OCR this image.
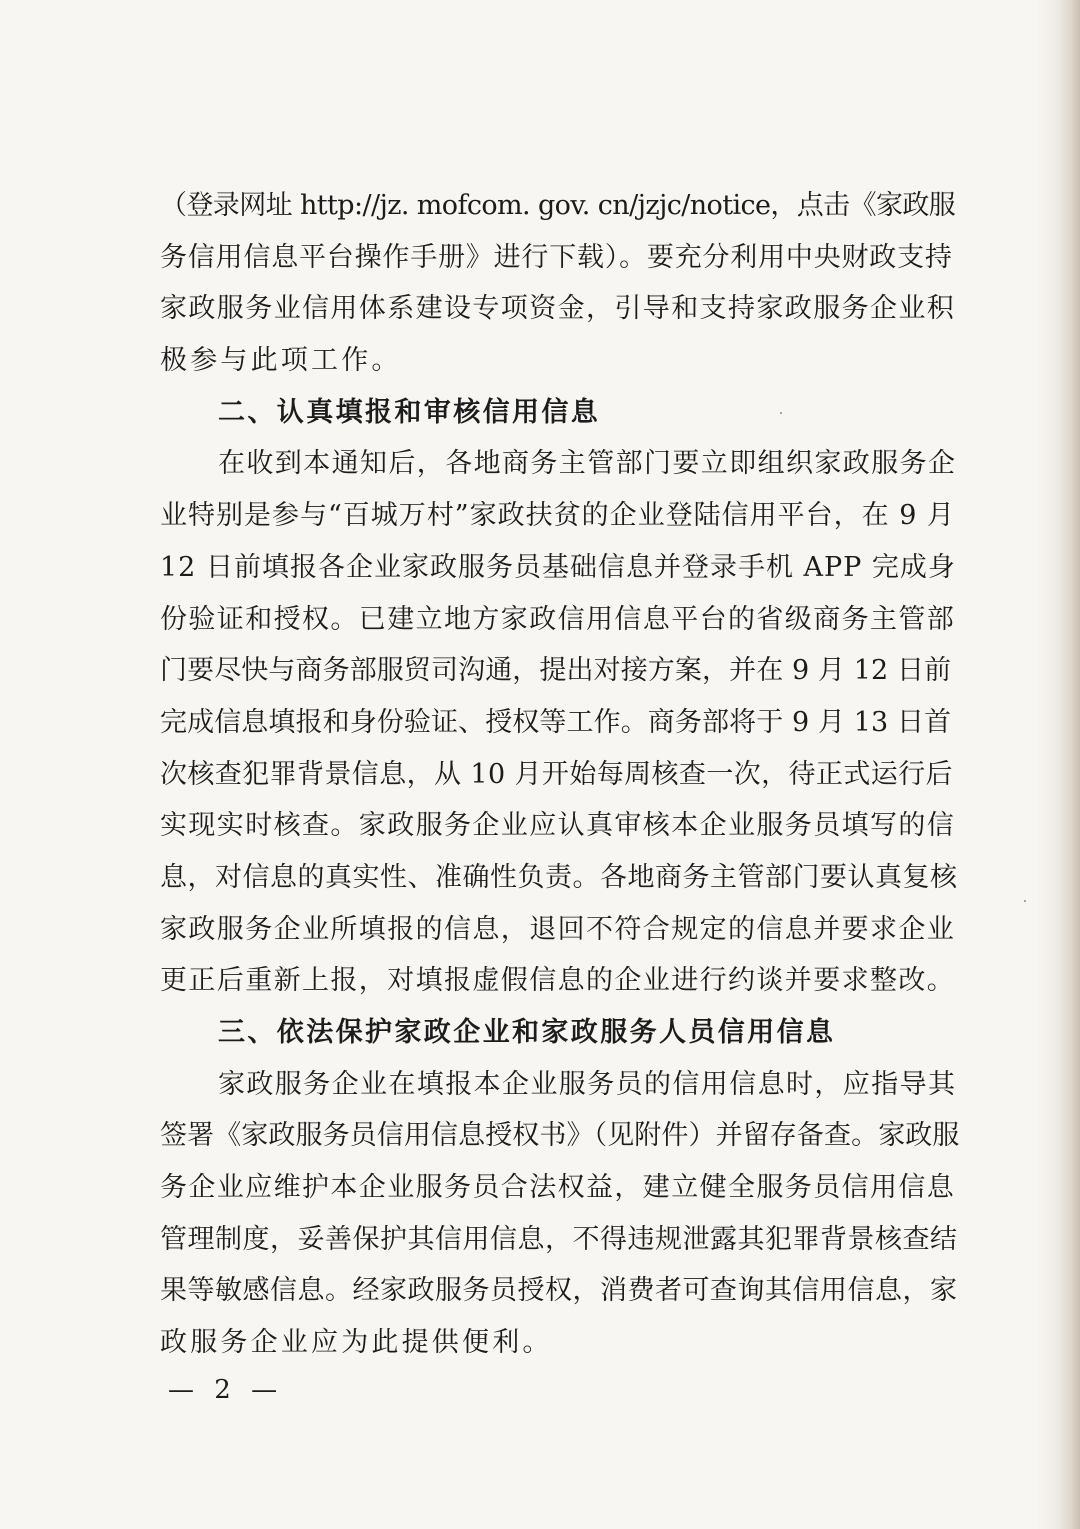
（登录网址 http://jz. mofcom. gov. cn/jzjc/notice，点击《家政服
务信用信息平台操作手册》进行下载）。要充分利用中央财政支持
家政服务业信用体系建设专项资金，引导和支持家政服务企业积
极参与此项工作。
二、认真填报和审核信用信息
在收到本通知后，各地商务主管部门要立即组织家政服务企
业特别是参与“百城万村”家政扶贫的企业登陆信用平台，在 9 月
12 日前填报各企业家政服务员基础信息并登录手机 APP 完成身
份验证和授权。已建立地方家政信用信息平台的省级商务主管部
门要尽快与商务部服贸司沟通，提出对接方案，并在 9 月 12 日前
完成信息填报和身份验证、授权等工作。商务部将于 9 月 13 日首
次核查犯罪背景信息，从 10 月开始每周核查一次，待正式运行后
实现实时核查。家政服务企业应认真审核本企业服务员填写的信
息，对信息的真实性、准确性负责。各地商务主管部门要认真复核
家政服务企业所填报的信息，退回不符合规定的信息并要求企业
更正后重新上报，对填报虚假信息的企业进行约谈并要求整改。
三、依法保护家政企业和家政服务人员信用信息
家政服务企业在填报本企业服务员的信用信息时，应指导其
签署《家政服务员信用信息授权书》（见附件）并留存备查。家政服
务企业应维护本企业服务员合法权益，建立健全服务员信用信息
管理制度，妥善保护其信用信息，不得违规泄露其犯罪背景核查结
果等敏感信息。经家政服务员授权，消费者可查询其信用信息，家
政服务企业应为此提供便利。
— 2 —
